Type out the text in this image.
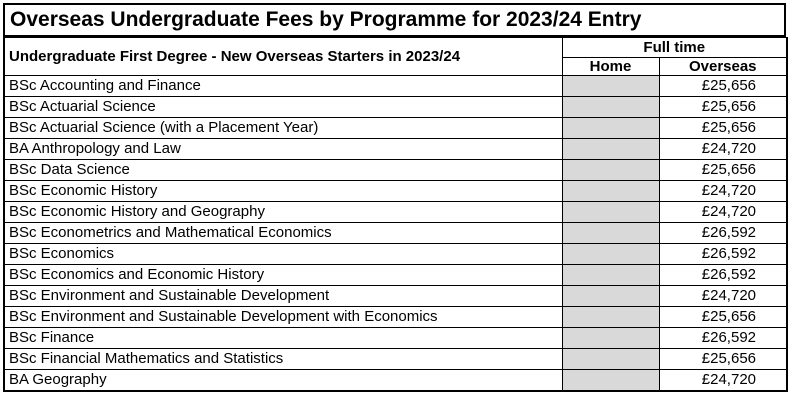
Overseas Undergraduate Fees by Programme for 2023/24 Entry
Undergraduate First Degree - New Overseas Starters in 2023/24	Full time	
	Home	Overseas
BSc Accounting and Finance		£25,656
BSc Actuarial Science		£25,656
BSc Actuarial Science (with a Placement Year)		£25,656
BA Anthropology and Law		£24,720
BSc Data Science		£25,656
BSc Economic History		£24,720
BSc Economic History and Geography		£24,720
BSc Econometrics and Mathematical Economics		£26,592
BSc Economics		£26,592
BSc Economics and Economic History		£26,592
BSc Environment and Sustainable Development		£24,720
BSc Environment and Sustainable Development with Economics		£25,656
BSc Finance		£26,592
BSc Financial Mathematics and Statistics		£25,656
BA Geography		£24,720
